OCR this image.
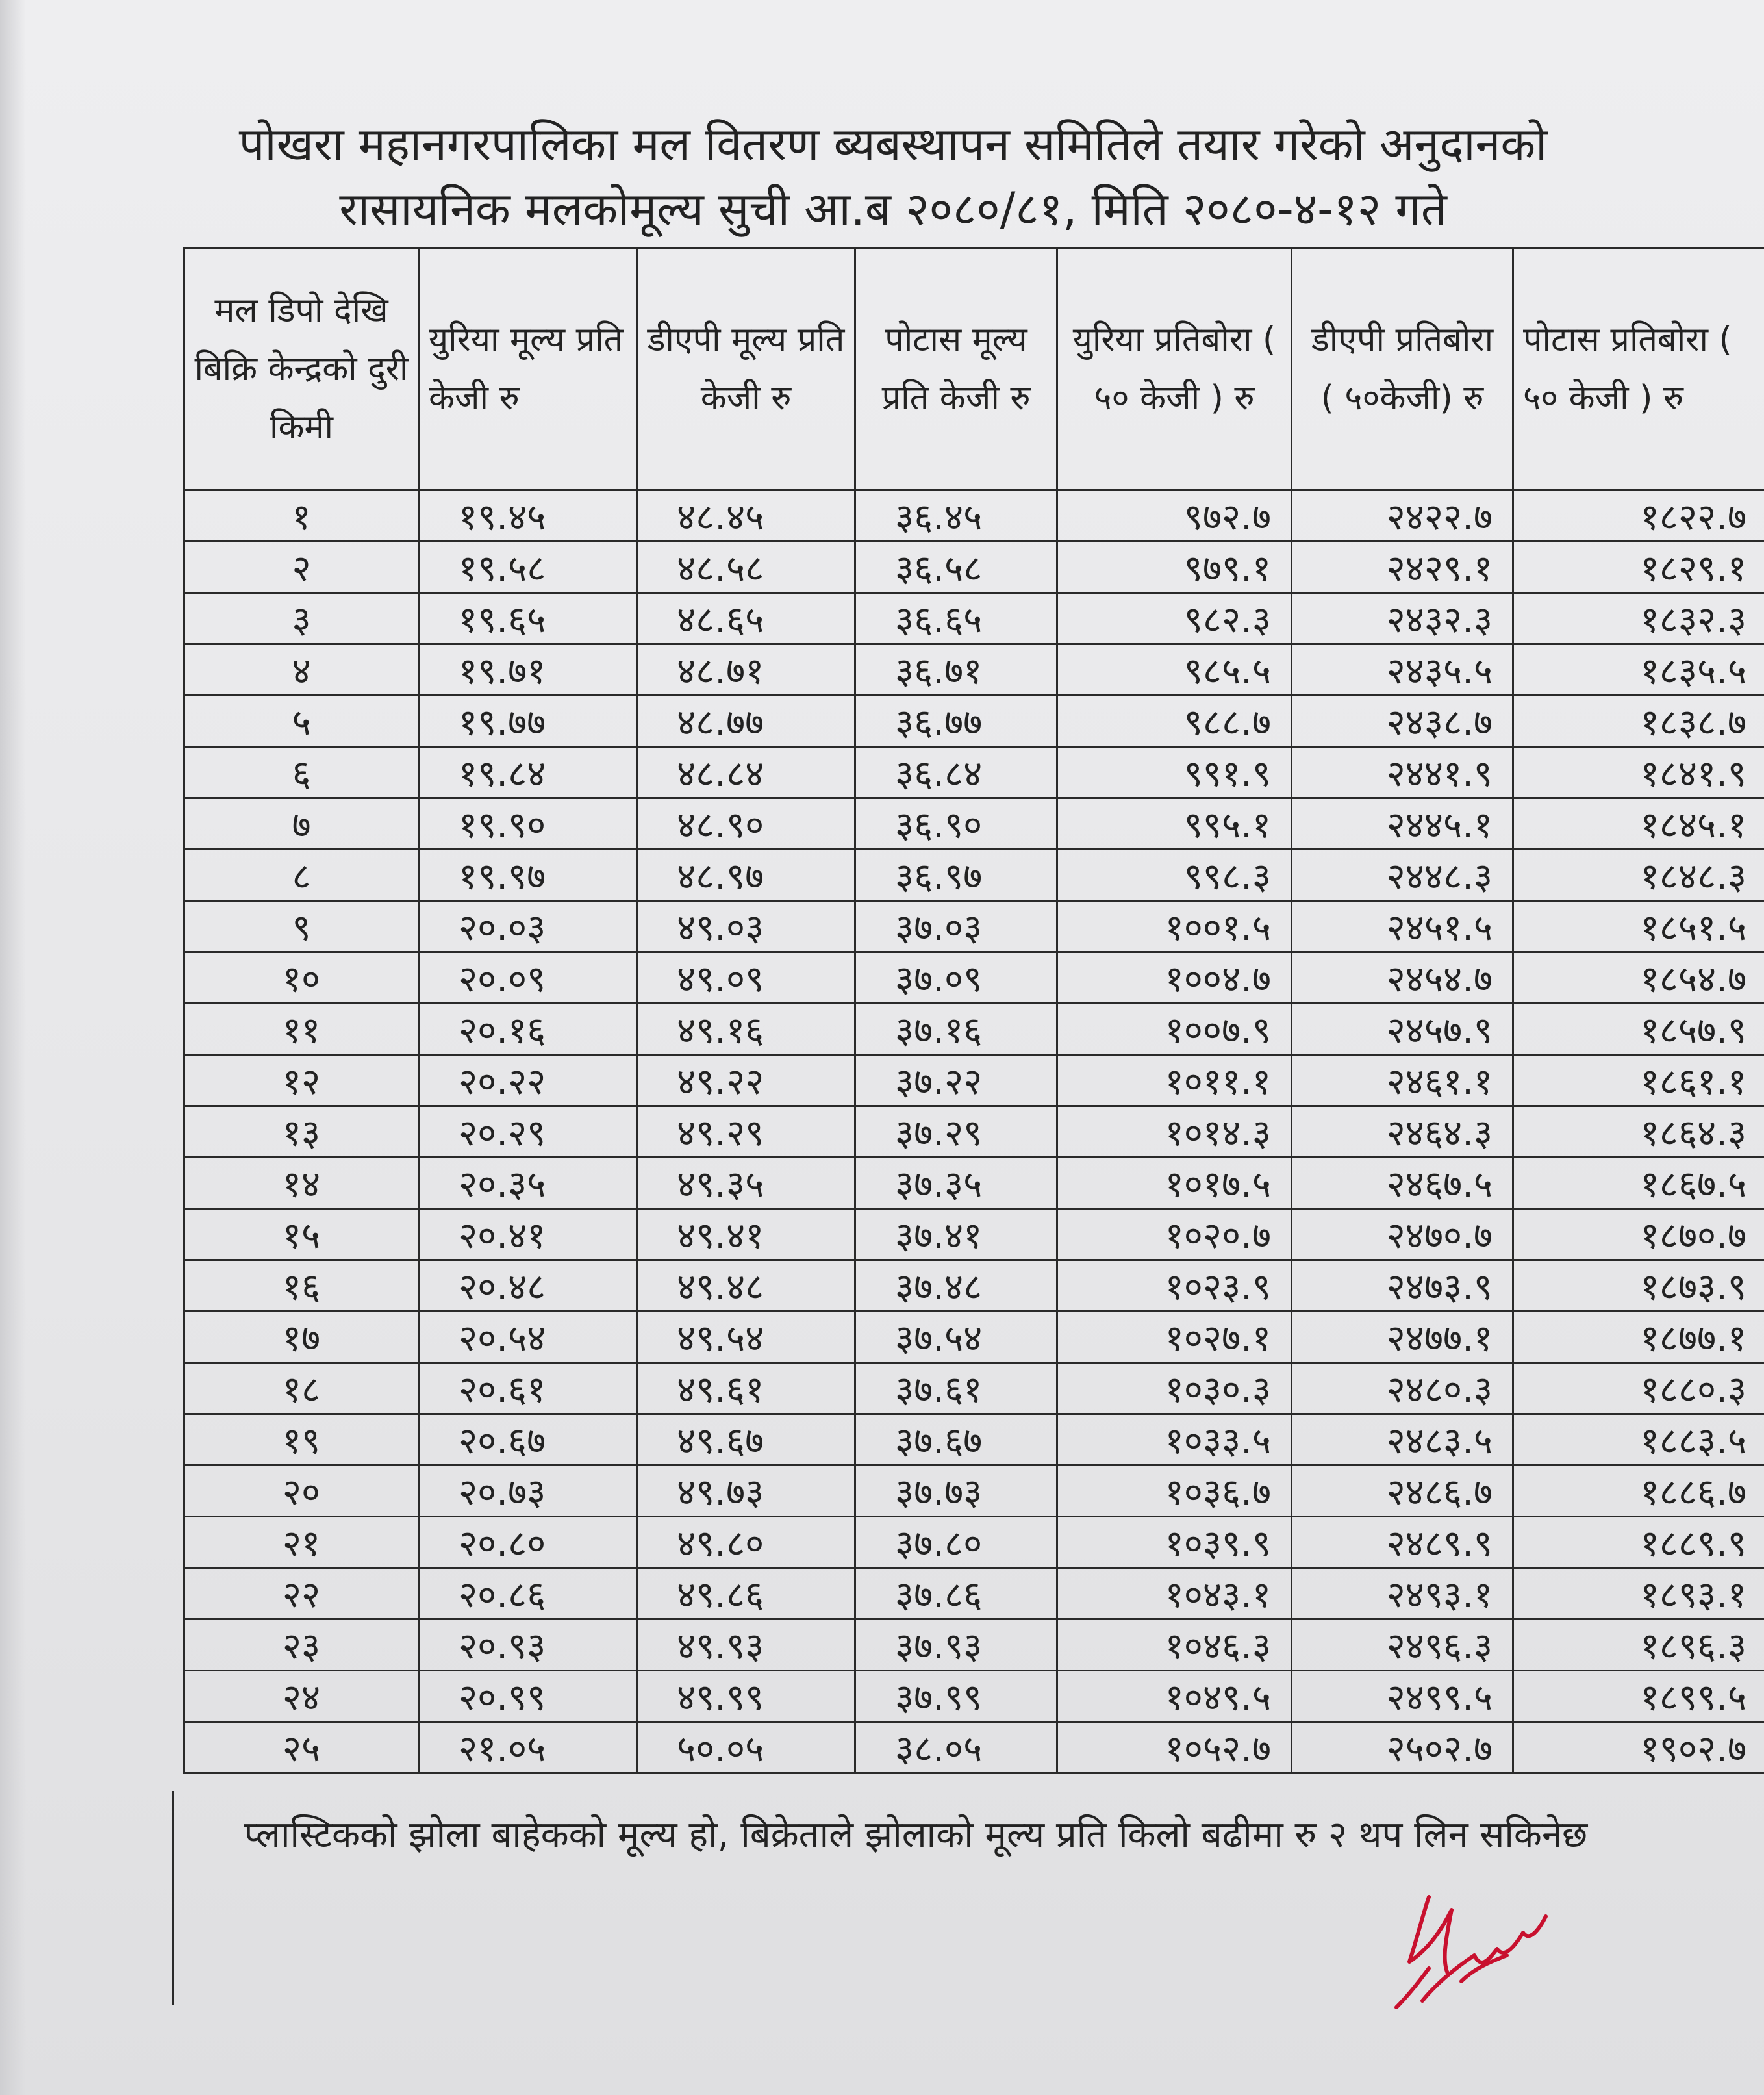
पोखरा महानगरपालिका मल वितरण ब्यबस्थापन समितिले तयार गरेको अनुदानको
रासायनिक मलकोमूल्य सुची आ.ब २०८०/८१, मिति २०८०-४-१२ गते
मल डिपो देखि बिक्रि केन्द्रको दुरी किमी	युरिया मूल्य प्रति केजी रु	डीएपी मूल्य प्रति केजी रु	पोटास मूल्य प्रति केजी रु	युरिया प्रतिबोरा ( ५० केजी ) रु	डीएपी प्रतिबोरा ( ५०केजी) रु	पोटास प्रतिबोरा ( ५० केजी ) रु
१	१९.४५	४८.४५	३६.४५	९७२.७	२४२२.७	१८२२.७
२	१९.५८	४८.५८	३६.५८	९७९.१	२४२९.१	१८२९.१
३	१९.६५	४८.६५	३६.६५	९८२.३	२४३२.३	१८३२.३
४	१९.७१	४८.७१	३६.७१	९८५.५	२४३५.५	१८३५.५
५	१९.७७	४८.७७	३६.७७	९८८.७	२४३८.७	१८३८.७
६	१९.८४	४८.८४	३६.८४	९९१.९	२४४१.९	१८४१.९
७	१९.९०	४८.९०	३६.९०	९९५.१	२४४५.१	१८४५.१
८	१९.९७	४८.९७	३६.९७	९९८.३	२४४८.३	१८४८.३
९	२०.०३	४९.०३	३७.०३	१००१.५	२४५१.५	१८५१.५
१०	२०.०९	४९.०९	३७.०९	१००४.७	२४५४.७	१८५४.७
११	२०.१६	४९.१६	३७.१६	१००७.९	२४५७.९	१८५७.९
१२	२०.२२	४९.२२	३७.२२	१०११.१	२४६१.१	१८६१.१
१३	२०.२९	४९.२९	३७.२९	१०१४.३	२४६४.३	१८६४.३
१४	२०.३५	४९.३५	३७.३५	१०१७.५	२४६७.५	१८६७.५
१५	२०.४१	४९.४१	३७.४१	१०२०.७	२४७०.७	१८७०.७
१६	२०.४८	४९.४८	३७.४८	१०२३.९	२४७३.९	१८७३.९
१७	२०.५४	४९.५४	३७.५४	१०२७.१	२४७७.१	१८७७.१
१८	२०.६१	४९.६१	३७.६१	१०३०.३	२४८०.३	१८८०.३
१९	२०.६७	४९.६७	३७.६७	१०३३.५	२४८३.५	१८८३.५
२०	२०.७३	४९.७३	३७.७३	१०३६.७	२४८६.७	१८८६.७
२१	२०.८०	४९.८०	३७.८०	१०३९.९	२४८९.९	१८८९.९
२२	२०.८६	४९.८६	३७.८६	१०४३.१	२४९३.१	१८९३.१
२३	२०.९३	४९.९३	३७.९३	१०४६.३	२४९६.३	१८९६.३
२४	२०.९९	४९.९९	३७.९९	१०४९.५	२४९९.५	१८९९.५
२५	२१.०५	५०.०५	३८.०५	१०५२.७	२५०२.७	१९०२.७
प्लास्टिकको झोला बाहेकको मूल्य हो, बिक्रेताले झोलाको मूल्य प्रति किलो बढीमा रु २ थप लिन सकिनेछ
